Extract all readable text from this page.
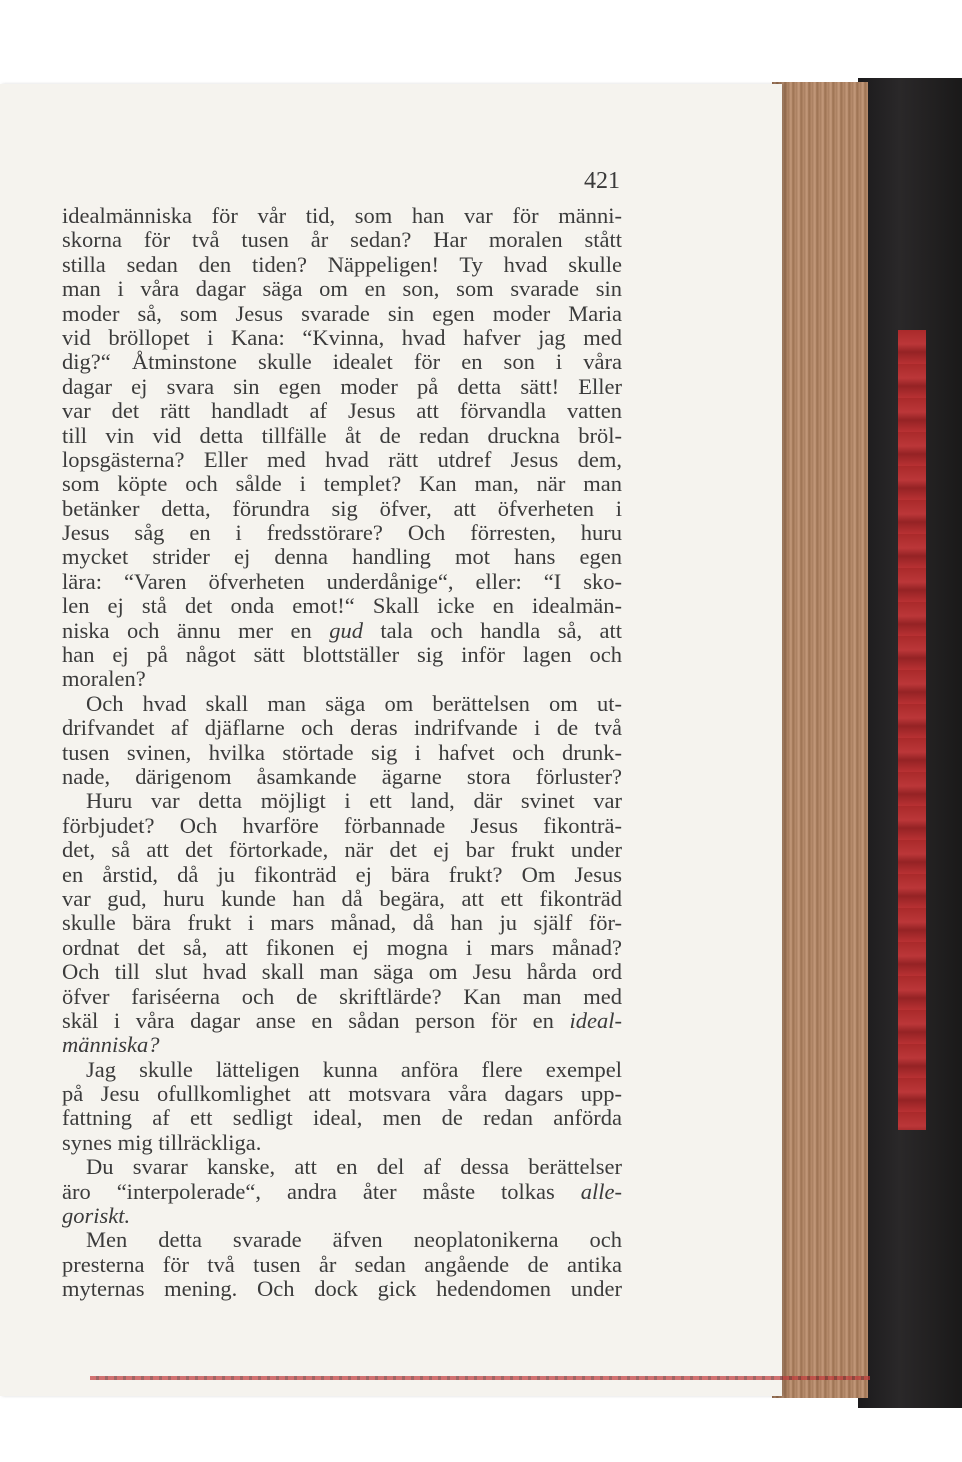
421
idealmänniska för vår tid, som han var för männi-
skorna för två tusen år sedan? Har moralen stått
stilla sedan den tiden? Näppeligen! Ty hvad skulle
man i våra dagar säga om en son, som svarade sin
moder så, som Jesus svarade sin egen moder Maria
vid bröllopet i Kana: “Kvinna, hvad hafver jag med
dig?“ Åtminstone skulle idealet för en son i våra
dagar ej svara sin egen moder på detta sätt! Eller
var det rätt handladt af Jesus att förvandla vatten
till vin vid detta tillfälle åt de redan druckna bröl-
lopsgästerna? Eller med hvad rätt utdref Jesus dem,
som köpte och sålde i templet? Kan man, när man
betänker detta, förundra sig öfver, att öfverheten i
Jesus såg en i fredsstörare? Och förresten, huru
mycket strider ej denna handling mot hans egen
lära: “Varen öfverheten underdånige“, eller: “I sko-
len ej stå det onda emot!“ Skall icke en idealmän-
niska och ännu mer en gud tala och handla så, att
han ej på något sätt blottställer sig inför lagen och
moralen?
Och hvad skall man säga om berättelsen om ut-
drifvandet af djäflarne och deras indrifvande i de två
tusen svinen, hvilka störtade sig i hafvet och drunk-
nade, därigenom åsamkande ägarne stora förluster?
Huru var detta möjligt i ett land, där svinet var
förbjudet? Och hvarföre förbannade Jesus fikonträ-
det, så att det förtorkade, när det ej bar frukt under
en årstid, då ju fikonträd ej bära frukt? Om Jesus
var gud, huru kunde han då begära, att ett fikonträd
skulle bära frukt i mars månad, då han ju själf för-
ordnat det så, att fikonen ej mogna i mars månad?
Och till slut hvad skall man säga om Jesu hårda ord
öfver fariséerna och de skriftlärde? Kan man med
skäl i våra dagar anse en sådan person för en ideal-
människa?
Jag skulle lätteligen kunna anföra flere exempel
på Jesu ofullkomlighet att motsvara våra dagars upp-
fattning af ett sedligt ideal, men de redan anförda
synes mig tillräckliga.
Du svarar kanske, att en del af dessa berättelser
äro “interpolerade“, andra åter måste tolkas alle-
goriskt.
Men detta svarade äfven neoplatonikerna och
presterna för två tusen år sedan angående de antika
myternas mening. Och dock gick hedendomen under
